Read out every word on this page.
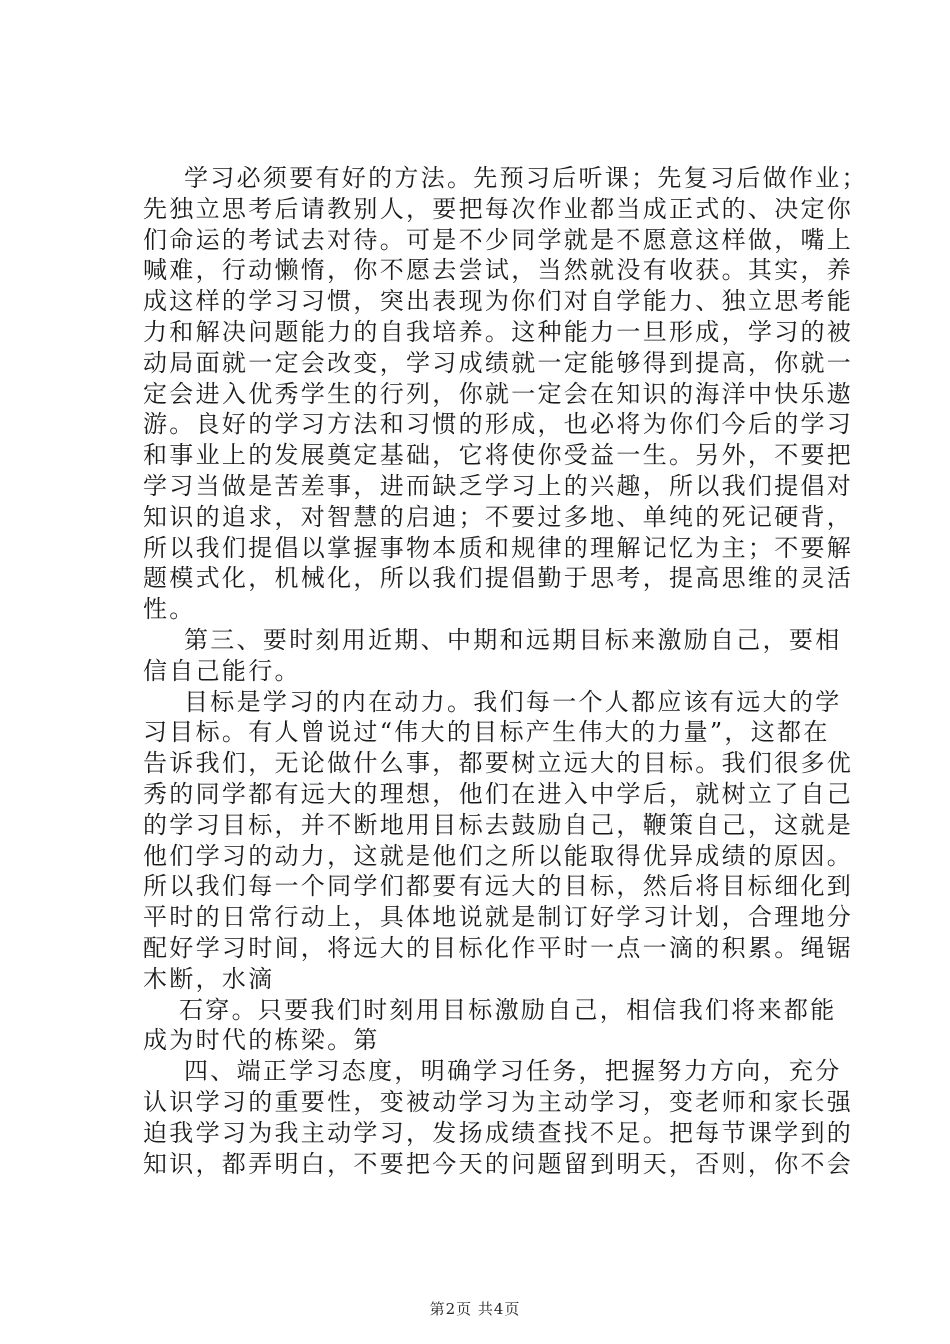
学习必须要有好的方法。先预习后听课；先复习后做作业；
先独立思考后请教别人，要把每次作业都当成正式的、决定你
们命运的考试去对待。可是不少同学就是不愿意这样做，嘴上
喊难，行动懒惰，你不愿去尝试，当然就没有收获。其实，养
成这样的学习习惯，突出表现为你们对自学能力、独立思考能
力和解决问题能力的自我培养。这种能力一旦形成，学习的被
动局面就一定会改变，学习成绩就一定能够得到提高，你就一
定会进入优秀学生的行列，你就一定会在知识的海洋中快乐遨
游。良好的学习方法和习惯的形成，也必将为你们今后的学习
和事业上的发展奠定基础，它将使你受益一生。另外，不要把
学习当做是苦差事，进而缺乏学习上的兴趣，所以我们提倡对
知识的追求，对智慧的启迪；不要过多地、单纯的死记硬背，
所以我们提倡以掌握事物本质和规律的理解记忆为主；不要解
题模式化，机械化，所以我们提倡勤于思考，提高思维的灵活
性。
第三、要时刻用近期、中期和远期目标来激励自己，要相
信自己能行。
目标是学习的内在动力。我们每一个人都应该有远大的学
习目标。有人曾说过“伟大的目标产生伟大的力量”，这都在
告诉我们，无论做什么事，都要树立远大的目标。我们很多优
秀的同学都有远大的理想，他们在进入中学后，就树立了自己
的学习目标，并不断地用目标去鼓励自己，鞭策自己，这就是
他们学习的动力，这就是他们之所以能取得优异成绩的原因。
所以我们每一个同学们都要有远大的目标，然后将目标细化到
平时的日常行动上，具体地说就是制订好学习计划，合理地分
配好学习时间，将远大的目标化作平时一点一滴的积累。绳锯
木断，水滴
石穿。只要我们时刻用目标激励自己，相信我们将来都能
成为时代的栋梁。第
四、端正学习态度，明确学习任务，把握努力方向，充分
认识学习的重要性，变被动学习为主动学习，变老师和家长强
迫我学习为我主动学习，发扬成绩查找不足。把每节课学到的
知识，都弄明白，不要把今天的问题留到明天，否则，你不会
第2页 共4页
